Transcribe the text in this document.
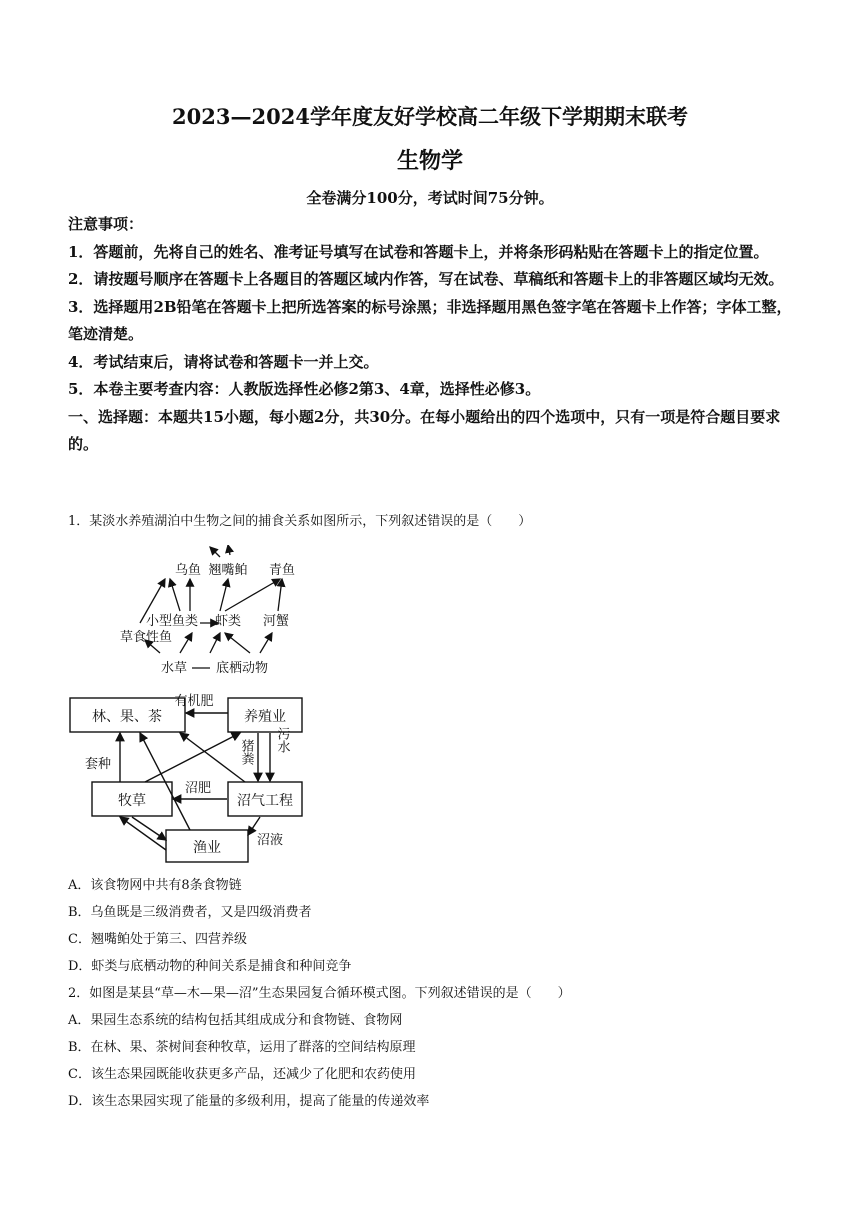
2023—2024学年度友好学校高二年级下学期期末联考
生物学
全卷满分100分，考试时间75分钟。

注意事项：

1．答题前，先将自己的姓名、准考证号填写在试卷和答题卡上，并将条形码粘贴在答题卡上的指定位置。

2．请按题号顺序在答题卡上各题目的答题区域内作答，写在试卷、草稿纸和答题卡上的非答题区域均无效。

3．选择题用2B铅笔在答题卡上把所选答案的标号涂黑；非选择题用黑色签字笔在答题卡上作答；字体工整，笔迹清楚。

4．考试结束后，请将试卷和答题卡一并上交。

5．本卷主要考查内容：人教版选择性必修2第3、4章，选择性必修3。

一、选择题：本题共15小题，每小题2分，共30分。在每小题给出的四个选项中，只有一项是符合题目要求的。

1．某淡水养殖湖泊中生物之间的捕食关系如图所示，下列叙述错误的是（　　）
乌鱼 翘嘴鲌 青鱼
小型鱼类 虾类 河蟹
草食性鱼
水草 底栖动物
林、果、茶	养殖业
牧草	沼气工程
渔业
有机肥
猪粪 污水
套种
沼肥
沼液
A．该食物网中共有8条食物链
B．乌鱼既是三级消费者，又是四级消费者
C．翘嘴鲌处于第三、四营养级
D．虾类与底栖动物的种间关系是捕食和种间竞争
2．如图是某县“草—木—果—沼”生态果园复合循环模式图。下列叙述错误的是（　　）
A．果园生态系统的结构包括其组成成分和食物链、食物网
B．在林、果、茶树间套种牧草，运用了群落的空间结构原理
C．该生态果园既能收获更多产品，还减少了化肥和农药使用
D．该生态果园实现了能量的多级利用，提高了能量的传递效率
